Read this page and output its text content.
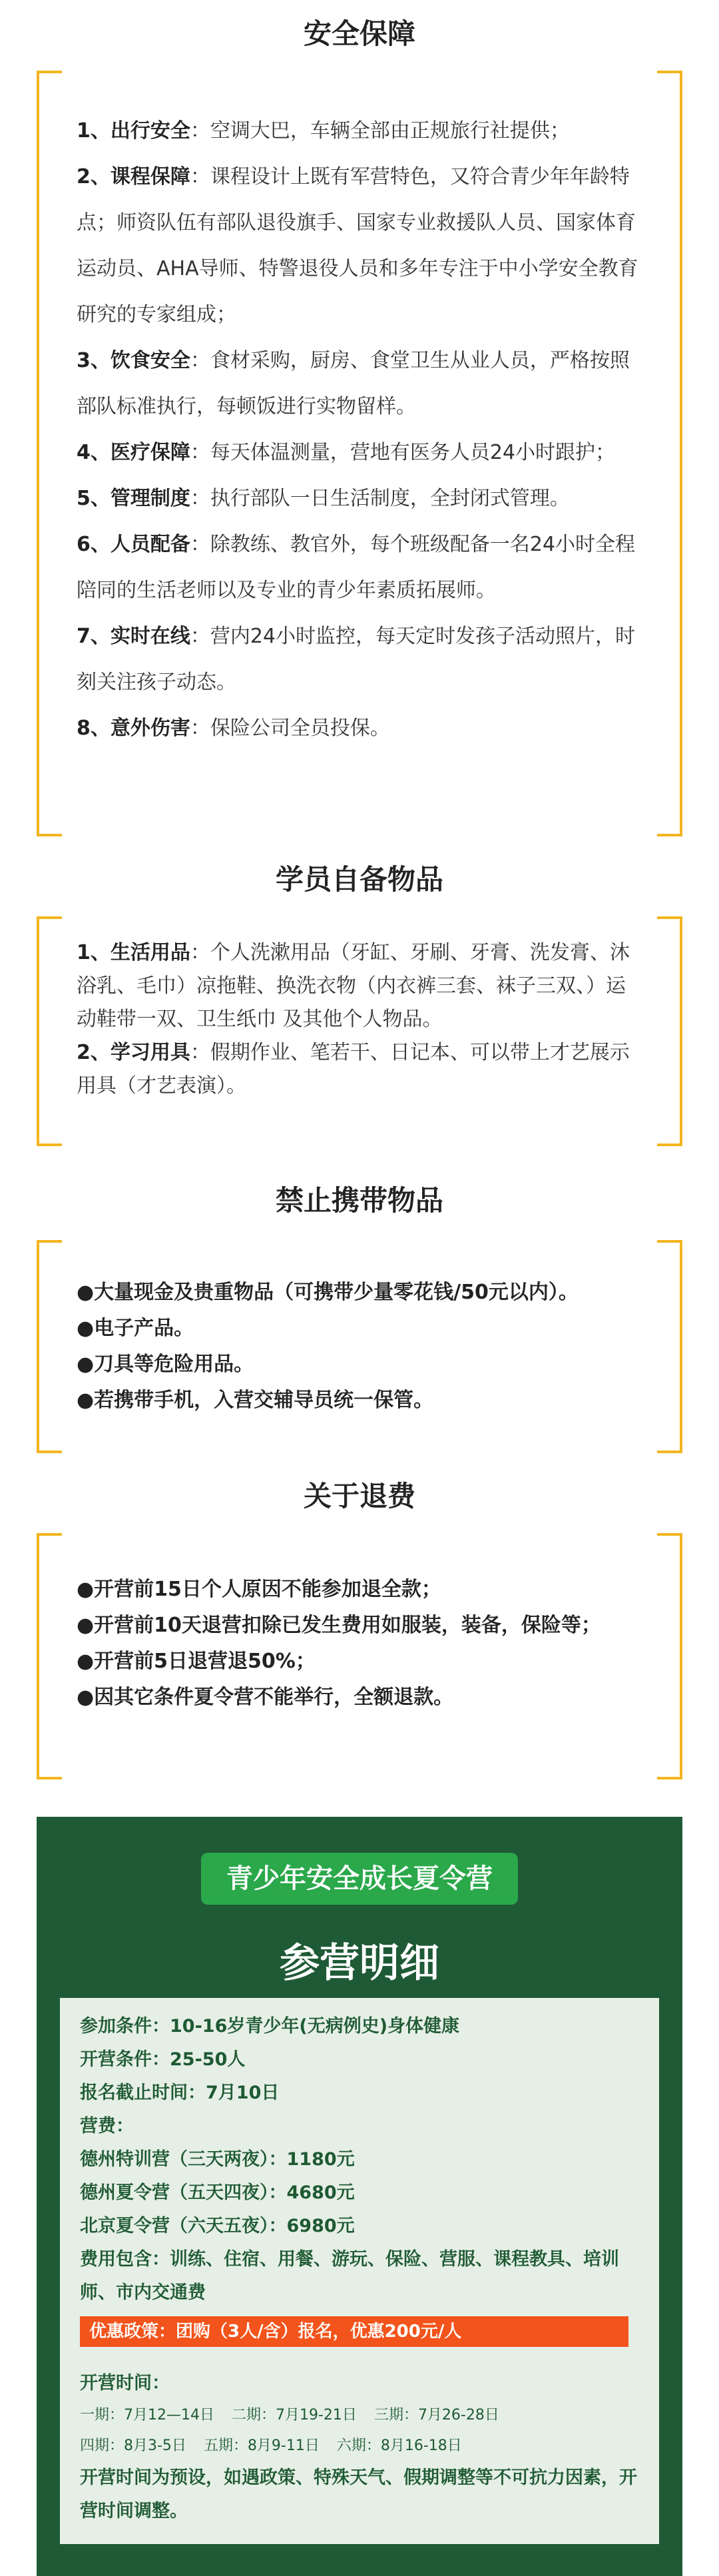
安全保障

1、出行安全：空调大巴，车辆全部由正规旅行社提供；

2、课程保障：课程设计上既有军营特色，又符合青少年年龄特点；师资队伍有部队退役旗手、国家专业救援队人员、国家体育运动员、AHA导师、特警退役人员和多年专注于中小学安全教育研究的专家组成；

3、饮食安全：食材采购，厨房、食堂卫生从业人员，严格按照部队标准执行，每顿饭进行实物留样。

4、医疗保障：每天体温测量，营地有医务人员24小时跟护；

5、管理制度：执行部队一日生活制度，全封闭式管理。

6、人员配备：除教练、教官外，每个班级配备一名24小时全程陪同的生活老师以及专业的青少年素质拓展师。

7、实时在线：营内24小时监控，每天定时发孩子活动照片，时刻关注孩子动态。

8、意外伤害：保险公司全员投保。

学员自备物品

1、生活用品：个人洗漱用品（牙缸、牙刷、牙膏、洗发膏、沐浴乳、毛巾）凉拖鞋、换洗衣物（内衣裤三套、袜子三双、）运动鞋带一双、卫生纸巾 及其他个人物品。

2、学习用具：假期作业、笔若干、日记本、可以带上才艺展示用具（才艺表演）。

禁止携带物品

●大量现金及贵重物品（可携带少量零花钱/50元以内）。

●电子产品。

●刀具等危险用品。

●若携带手机，入营交辅导员统一保管。

关于退费

●开营前15日个人原因不能参加退全款；

●开营前10天退营扣除已发生费用如服装，装备，保险等；

●开营前5日退营退50%；

●因其它条件夏令营不能举行，全额退款。

青少年安全成长夏令营
参营明细

参加条件：10-16岁青少年(无病例史)身体健康

开营条件：25-50人

报名截止时间：7月10日

营费：

德州特训营（三天两夜）：1180元

德州夏令营（五天四夜）：4680元

北京夏令营（六天五夜）：6980元

费用包含：训练、住宿、用餐、游玩、保险、营服、课程教具、培训师、市内交通费

优惠政策：团购（3人/含）报名，优惠200元/人

开营时间：

一期：7月12—14日 二期：7月19-21日 三期：7月26-28日

四期：8月3-5日 五期：8月9-11日 六期：8月16-18日

开营时间为预设，如遇政策、特殊天气、假期调整等不可抗力因素，开营时间调整。
